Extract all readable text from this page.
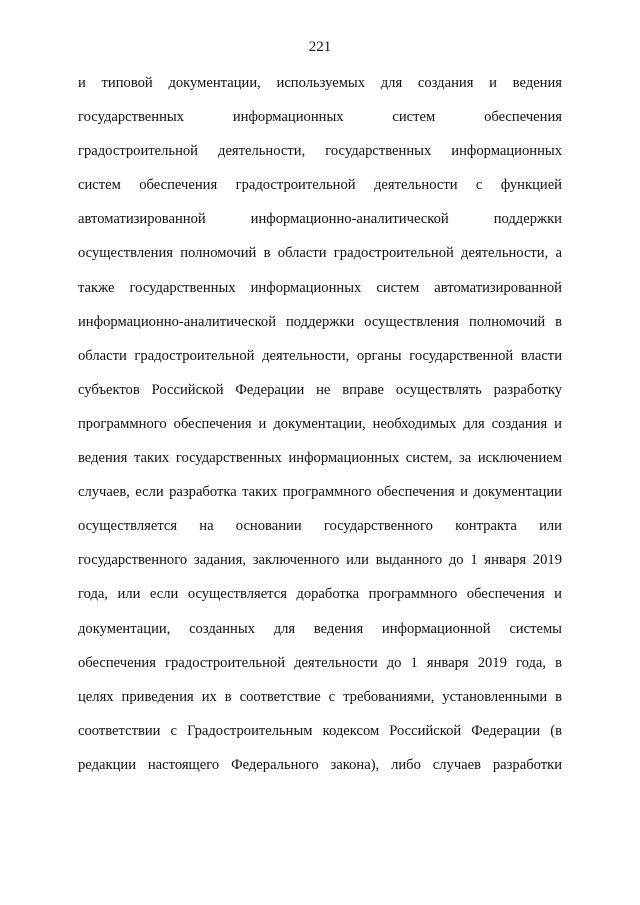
221
и типовой документации, используемых для создания и ведения
государственных информационных систем обеспечения
градостроительной деятельности, государственных информационных
систем обеспечения градостроительной деятельности с функцией
автоматизированной информационно-аналитической поддержки
осуществления полномочий в области градостроительной деятельности, а
также государственных информационных систем автоматизированной
информационно-аналитической поддержки осуществления полномочий в
области градостроительной деятельности, органы государственной власти
субъектов Российской Федерации не вправе осуществлять разработку
программного обеспечения и документации, необходимых для создания и
ведения таких государственных информационных систем, за исключением
случаев, если разработка таких программного обеспечения и документации
осуществляется на основании государственного контракта или
государственного задания, заключенного или выданного до 1 января 2019
года, или если осуществляется доработка программного обеспечения и
документации, созданных для ведения информационной системы
обеспечения градостроительной деятельности до 1 января 2019 года, в
целях приведения их в соответствие с требованиями, установленными в
соответствии с Градостроительным кодексом Российской Федерации (в
редакции настоящего Федерального закона), либо случаев разработки
